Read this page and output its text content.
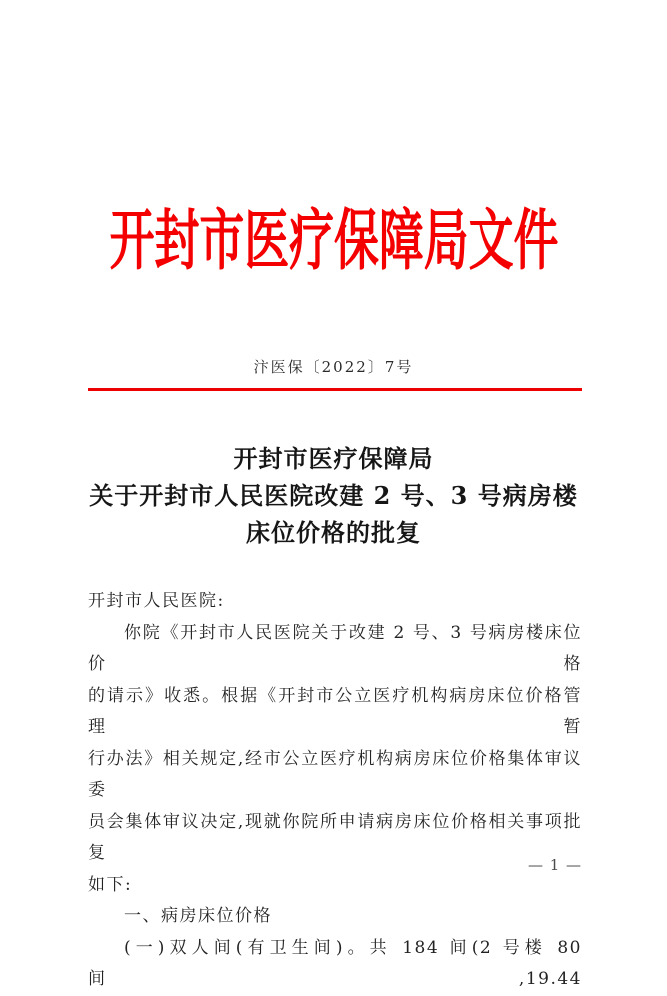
开封市医疗保障局文件
汴医保〔2022〕7号
开封市医疗保障局
关于开封市人民医院改建 2 号、3 号病房楼
床位价格的批复
开封市人民医院:
你院《开封市人民医院关于改建 2 号、3 号病房楼床位价格
的请示》收悉。根据《开封市公立医疗机构病房床位价格管理暂
行办法》相关规定,经市公立医疗机构病房床位价格集体审议委
员会集体审议决定,现就你院所申请病房床位价格相关事项批复
如下:
一、病房床位价格
(一)双人间(有卫生间)。共 184 间(2 号楼 80 间,19.44
— 1 —
